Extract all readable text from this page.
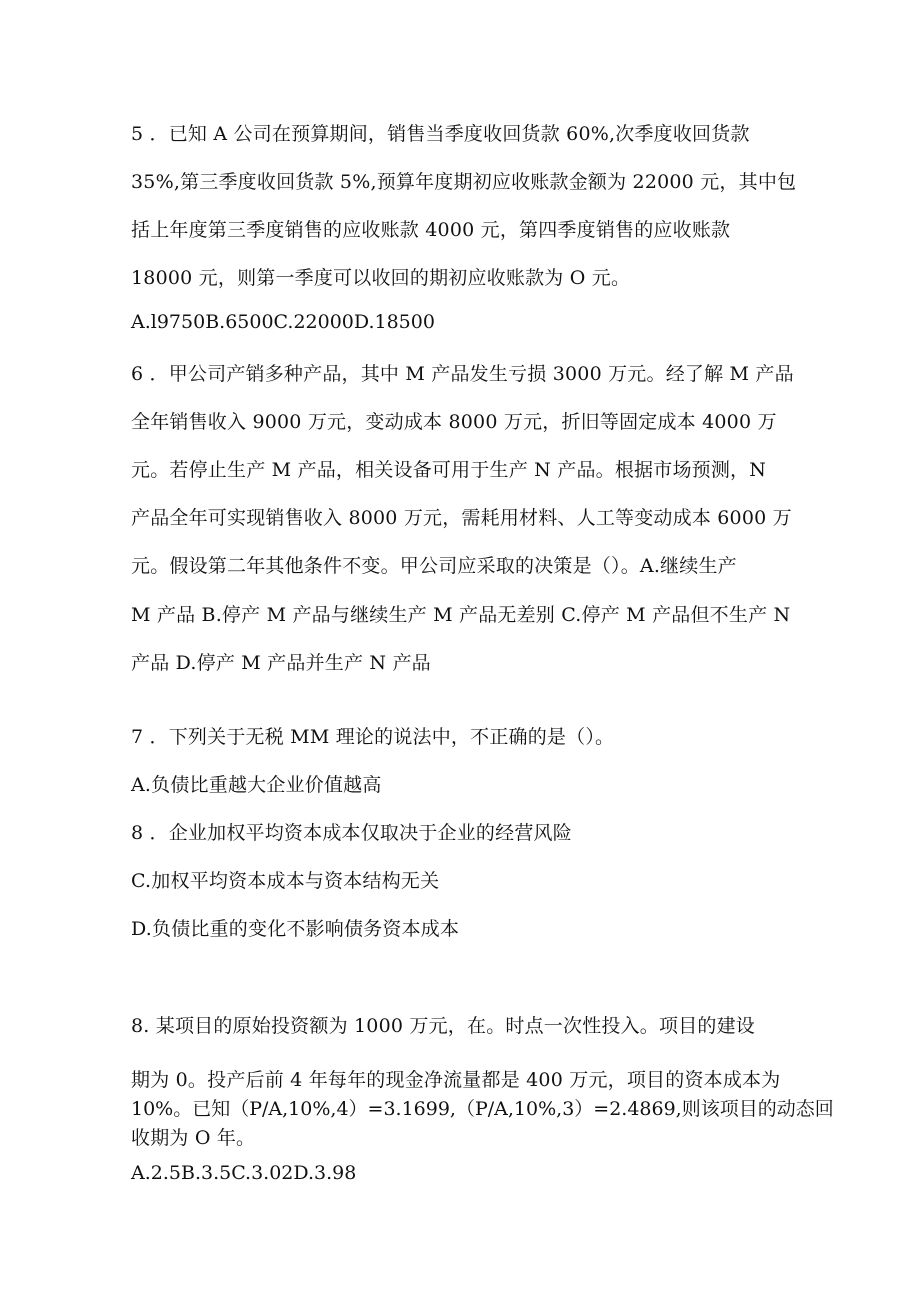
5 ．已知 A 公司在预算期间，销售当季度收回货款 60%,次季度收回货款
35%,第三季度收回货款 5%,预算年度期初应收账款金额为 22000 元，其中包
括上年度第三季度销售的应收账款 4000 元，第四季度销售的应收账款
18000 元，则第一季度可以收回的期初应收账款为 O 元。
A.l9750B.6500C.22000D.18500
6 ．甲公司产销多种产品，其中 M 产品发生亏损 3000 万元。经了解 M 产品
全年销售收入 9000 万元，变动成本 8000 万元，折旧等固定成本 4000 万
元。若停止生产 M 产品，相关设备可用于生产 N 产品。根据市场预测，N
产品全年可实现销售收入 8000 万元，需耗用材料、人工等变动成本 6000 万
元。假设第二年其他条件不变。甲公司应采取的决策是（）。A.继续生产
M 产品 B.停产 M 产品与继续生产 M 产品无差别 C.停产 M 产品但不生产 N
产品 D.停产 M 产品并生产 N 产品
7 ．下列关于无税 MM 理论的说法中，不正确的是（）。
A.负债比重越大企业价值越高
8 ．企业加权平均资本成本仅取决于企业的经营风险
C.加权平均资本成本与资本结构无关
D.负债比重的变化不影响债务资本成本
8. 某项目的原始投资额为 1000 万元，在。时点一次性投入。项目的建设
期为 0。投产后前 4 年每年的现金净流量都是 400 万元，项目的资本成本为
10%。已知（P/A,10%,4）=3.1699,（P/A,10%,3）=2.4869,则该项目的动态回
收期为 O 年。
A.2.5B.3.5C.3.02D.3.98
